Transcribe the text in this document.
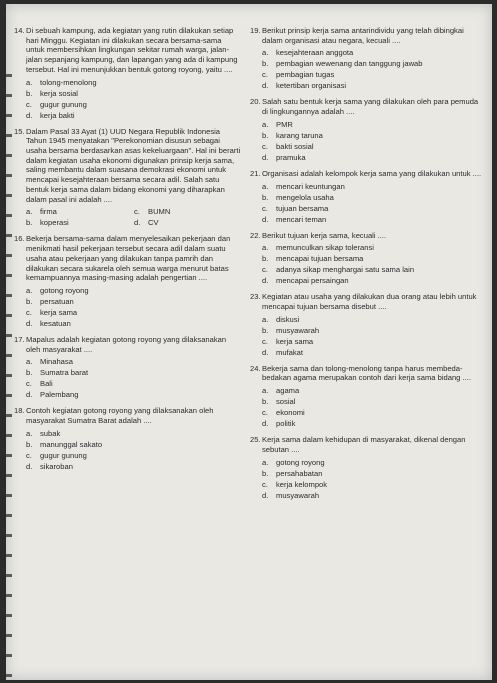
14. Di sebuah kampung, ada kegiatan yang rutin dilakukan setiap hari Minggu. Kegiatan ini dilakukan secara bersama-sama untuk membersihkan lingkungan sekitar rumah warga, jalan-jalan sepanjang kampung, dan lapangan yang ada di kampung tersebut. Hal ini menunjukkan bentuk gotong royong, yaitu ....
a.	tolong-menolong
b.	kerja sosial
c.	gugur gunung
d.	kerja bakti
15. Dalam Pasal 33 Ayat (1) UUD Negara Republik Indonesia Tahun 1945 menyatakan "Perekonomian disusun sebagai usaha bersama berdasarkan asas kekeluargaan". Hal ini berarti dalam kegiatan usaha ekonomi digunakan prinsip kerja sama, saling membantu dalam suasana demokrasi ekonomi untuk mencapai kesejahteraan bersama secara adil. Salah satu bentuk kerja sama dalam bidang ekonomi yang diharapkan dalam pasal ini adalah ....
a.	firma	c.	BUMN
b.	koperasi	d.	CV
16. Bekerja bersama-sama dalam menyelesaikan pekerjaan dan menikmati hasil pekerjaan tersebut secara adil dalam suatu usaha atau pekerjaan yang dilakukan tanpa pamrih dan dilakukan secara sukarela oleh semua warga menurut batas kemampuannya masing-masing adalah pengertian ....
a.	gotong royong
b.	persatuan
c.	kerja sama
d.	kesatuan
17. Mapalus adalah kegiatan gotong royong yang dilaksanakan oleh masyarakat ....
a.	Minahasa
b.	Sumatra barat
c.	Bali
d.	Palembang
18. Contoh kegiatan gotong royong yang dilaksanakan oleh masyarakat Sumatra Barat adalah ....
a.	subak
b.	manunggal sakato
c.	gugur gunung
d.	sikaroban
19. Berikut prinsip kerja sama antarindividu yang telah dibingkai dalam organisasi atau negara, kecuali ....
a.	kesejahteraan anggota
b.	pembagian wewenang dan tanggung jawab
c.	pembagian tugas
d.	ketertiban organisasi
20. Salah satu bentuk kerja sama yang dilakukan oleh para pemuda di lingkungannya adalah ....
a.	PMR
b.	karang taruna
c.	bakti sosial
d.	pramuka
21. Organisasi adalah kelompok kerja sama yang dilakukan untuk ....
a.	mencari keuntungan
b.	mengelola usaha
c.	tujuan bersama
d.	mencari teman
22. Berikut tujuan kerja sama, kecuali ....
a.	memunculkan sikap toleransi
b.	mencapai tujuan bersama
c.	adanya sikap menghargai satu sama lain
d.	mencapai persaingan
23. Kegiatan atau usaha yang dilakukan dua orang atau lebih untuk mencapai tujuan bersama disebut ....
a.	diskusi
b.	musyawarah
c.	kerja sama
d.	mufakat
24. Bekerja sama dan tolong-menolong tanpa harus membeda-bedakan agama merupakan contoh dari kerja sama bidang ....
a.	agama
b.	sosial
c.	ekonomi
d.	politik
25. Kerja sama dalam kehidupan di masyarakat, dikenal dengan sebutan ....
a.	gotong royong
b.	persahabatan
c.	kerja kelompok
d.	musyawarah
